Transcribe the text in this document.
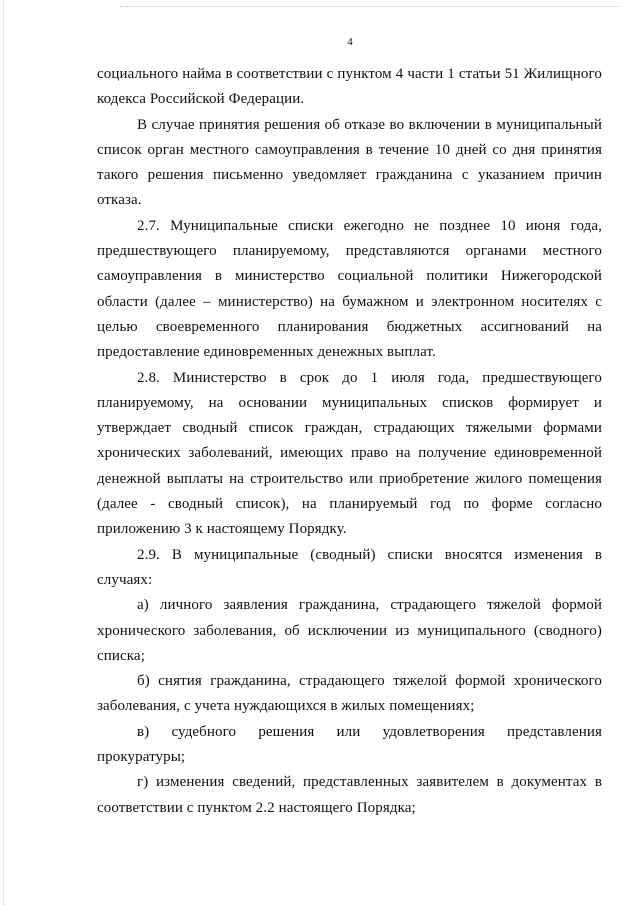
4

социального найма в соответствии с пунктом 4 части 1 статьи 51 Жилищного кодекса Российской Федерации.

В случае принятия решения об отказе во включении в муниципальный список орган местного самоуправления в течение 10 дней со дня принятия такого решения письменно уведомляет гражданина с указанием причин отказа.

2.7. Муниципальные списки ежегодно не позднее 10 июня года, предшествующего планируемому, представляются органами местного самоуправления в министерство социальной политики Нижегородской области (далее – министерство) на бумажном и электронном носителях с целью своевременного планирования бюджетных ассигнований на предоставление единовременных денежных выплат.

2.8. Министерство в срок до 1 июля года, предшествующего планируемому, на основании муниципальных списков формирует и утверждает сводный список граждан, страдающих тяжелыми формами хронических заболеваний, имеющих право на получение единовременной денежной выплаты на строительство или приобретение жилого помещения (далее - сводный список), на планируемый год по форме согласно приложению 3 к настоящему Порядку.

2.9. В муниципальные (сводный) списки вносятся изменения в случаях:

а) личного заявления гражданина, страдающего тяжелой формой хронического заболевания, об исключении из муниципального (сводного) списка;

б) снятия гражданина, страдающего тяжелой формой хронического заболевания, с учета нуждающихся в жилых помещениях;

в) судебного решения или удовлетворения представления прокуратуры;

г) изменения сведений, представленных заявителем в документах в соответствии с пунктом 2.2 настоящего Порядка;
